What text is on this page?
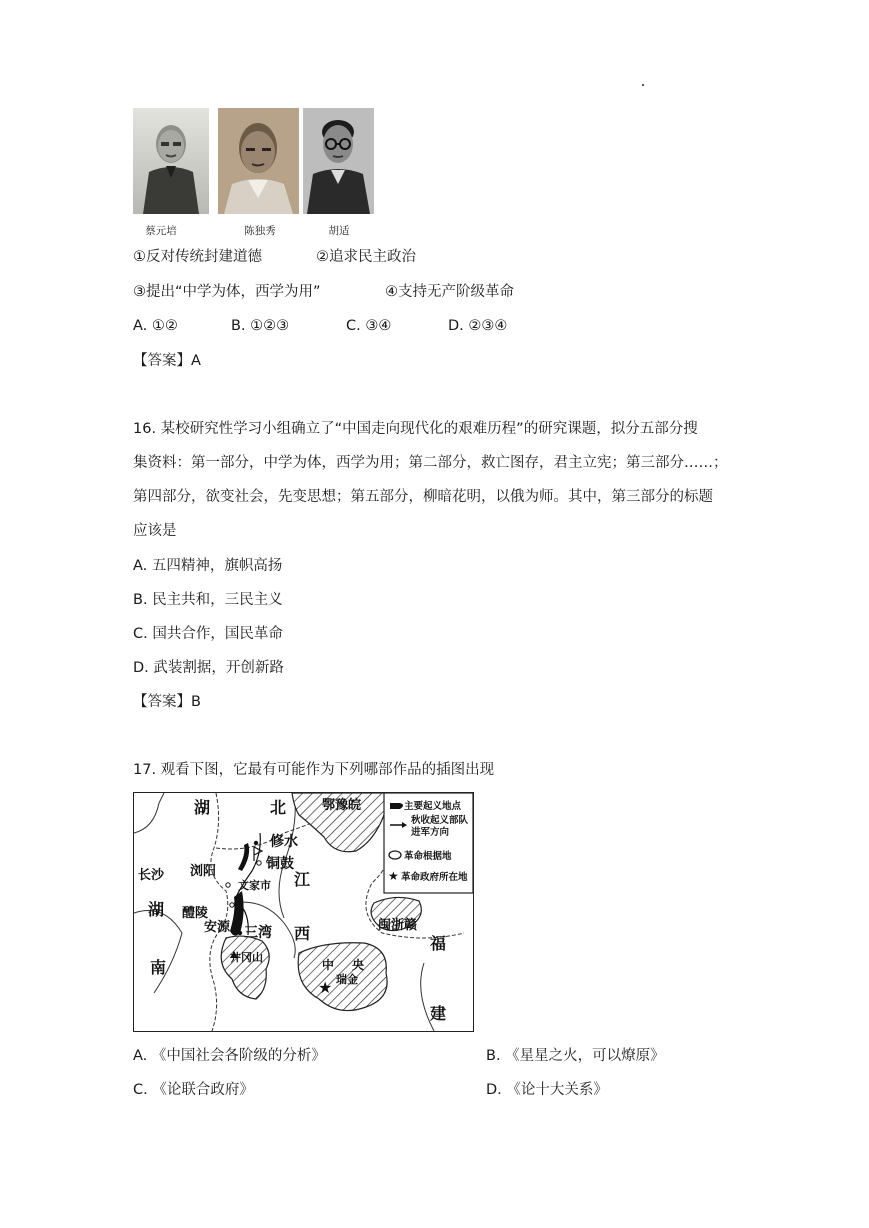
蔡元培	陈独秀	胡适
①反对传统封建道德	②追求民主政治
③提出“中学为体，西学为用”	④支持无产阶级革命
A. ①②	B. ①②③	C. ③④	D. ②③④
【答案】A
16. 某校研究性学习小组确立了“中国走向现代化的艰难历程”的研究课题，拟分五部分搜
集资料：第一部分，中学为体，西学为用；第二部分，救亡图存，君主立宪；第三部分……；
第四部分，欲变社会，先变思想；第五部分，柳暗花明，以俄为师。其中，第三部分的标题
应该是
A. 五四精神，旗帜高扬
B. 民主共和，三民主义
C. 国共合作，国民革命
D. 武装割据，开创新路
【答案】B
17. 观看下图，它最有可能作为下列哪部作品的插图出现
★
主要起义地点
秋收起义部队
进军方向
革命根据地
革命政府所在地
湖	北	鄂豫皖
修水
铜鼓
浏阳
文家市 江
长沙
湖 醴陵
安源 三湾 西	闽浙赣
福
井冈山
中 央
瑞金
★
南
建
A. 《中国社会各阶级的分析》	B. 《星星之火，可以燎原》
C. 《论联合政府》	D. 《论十大关系》
